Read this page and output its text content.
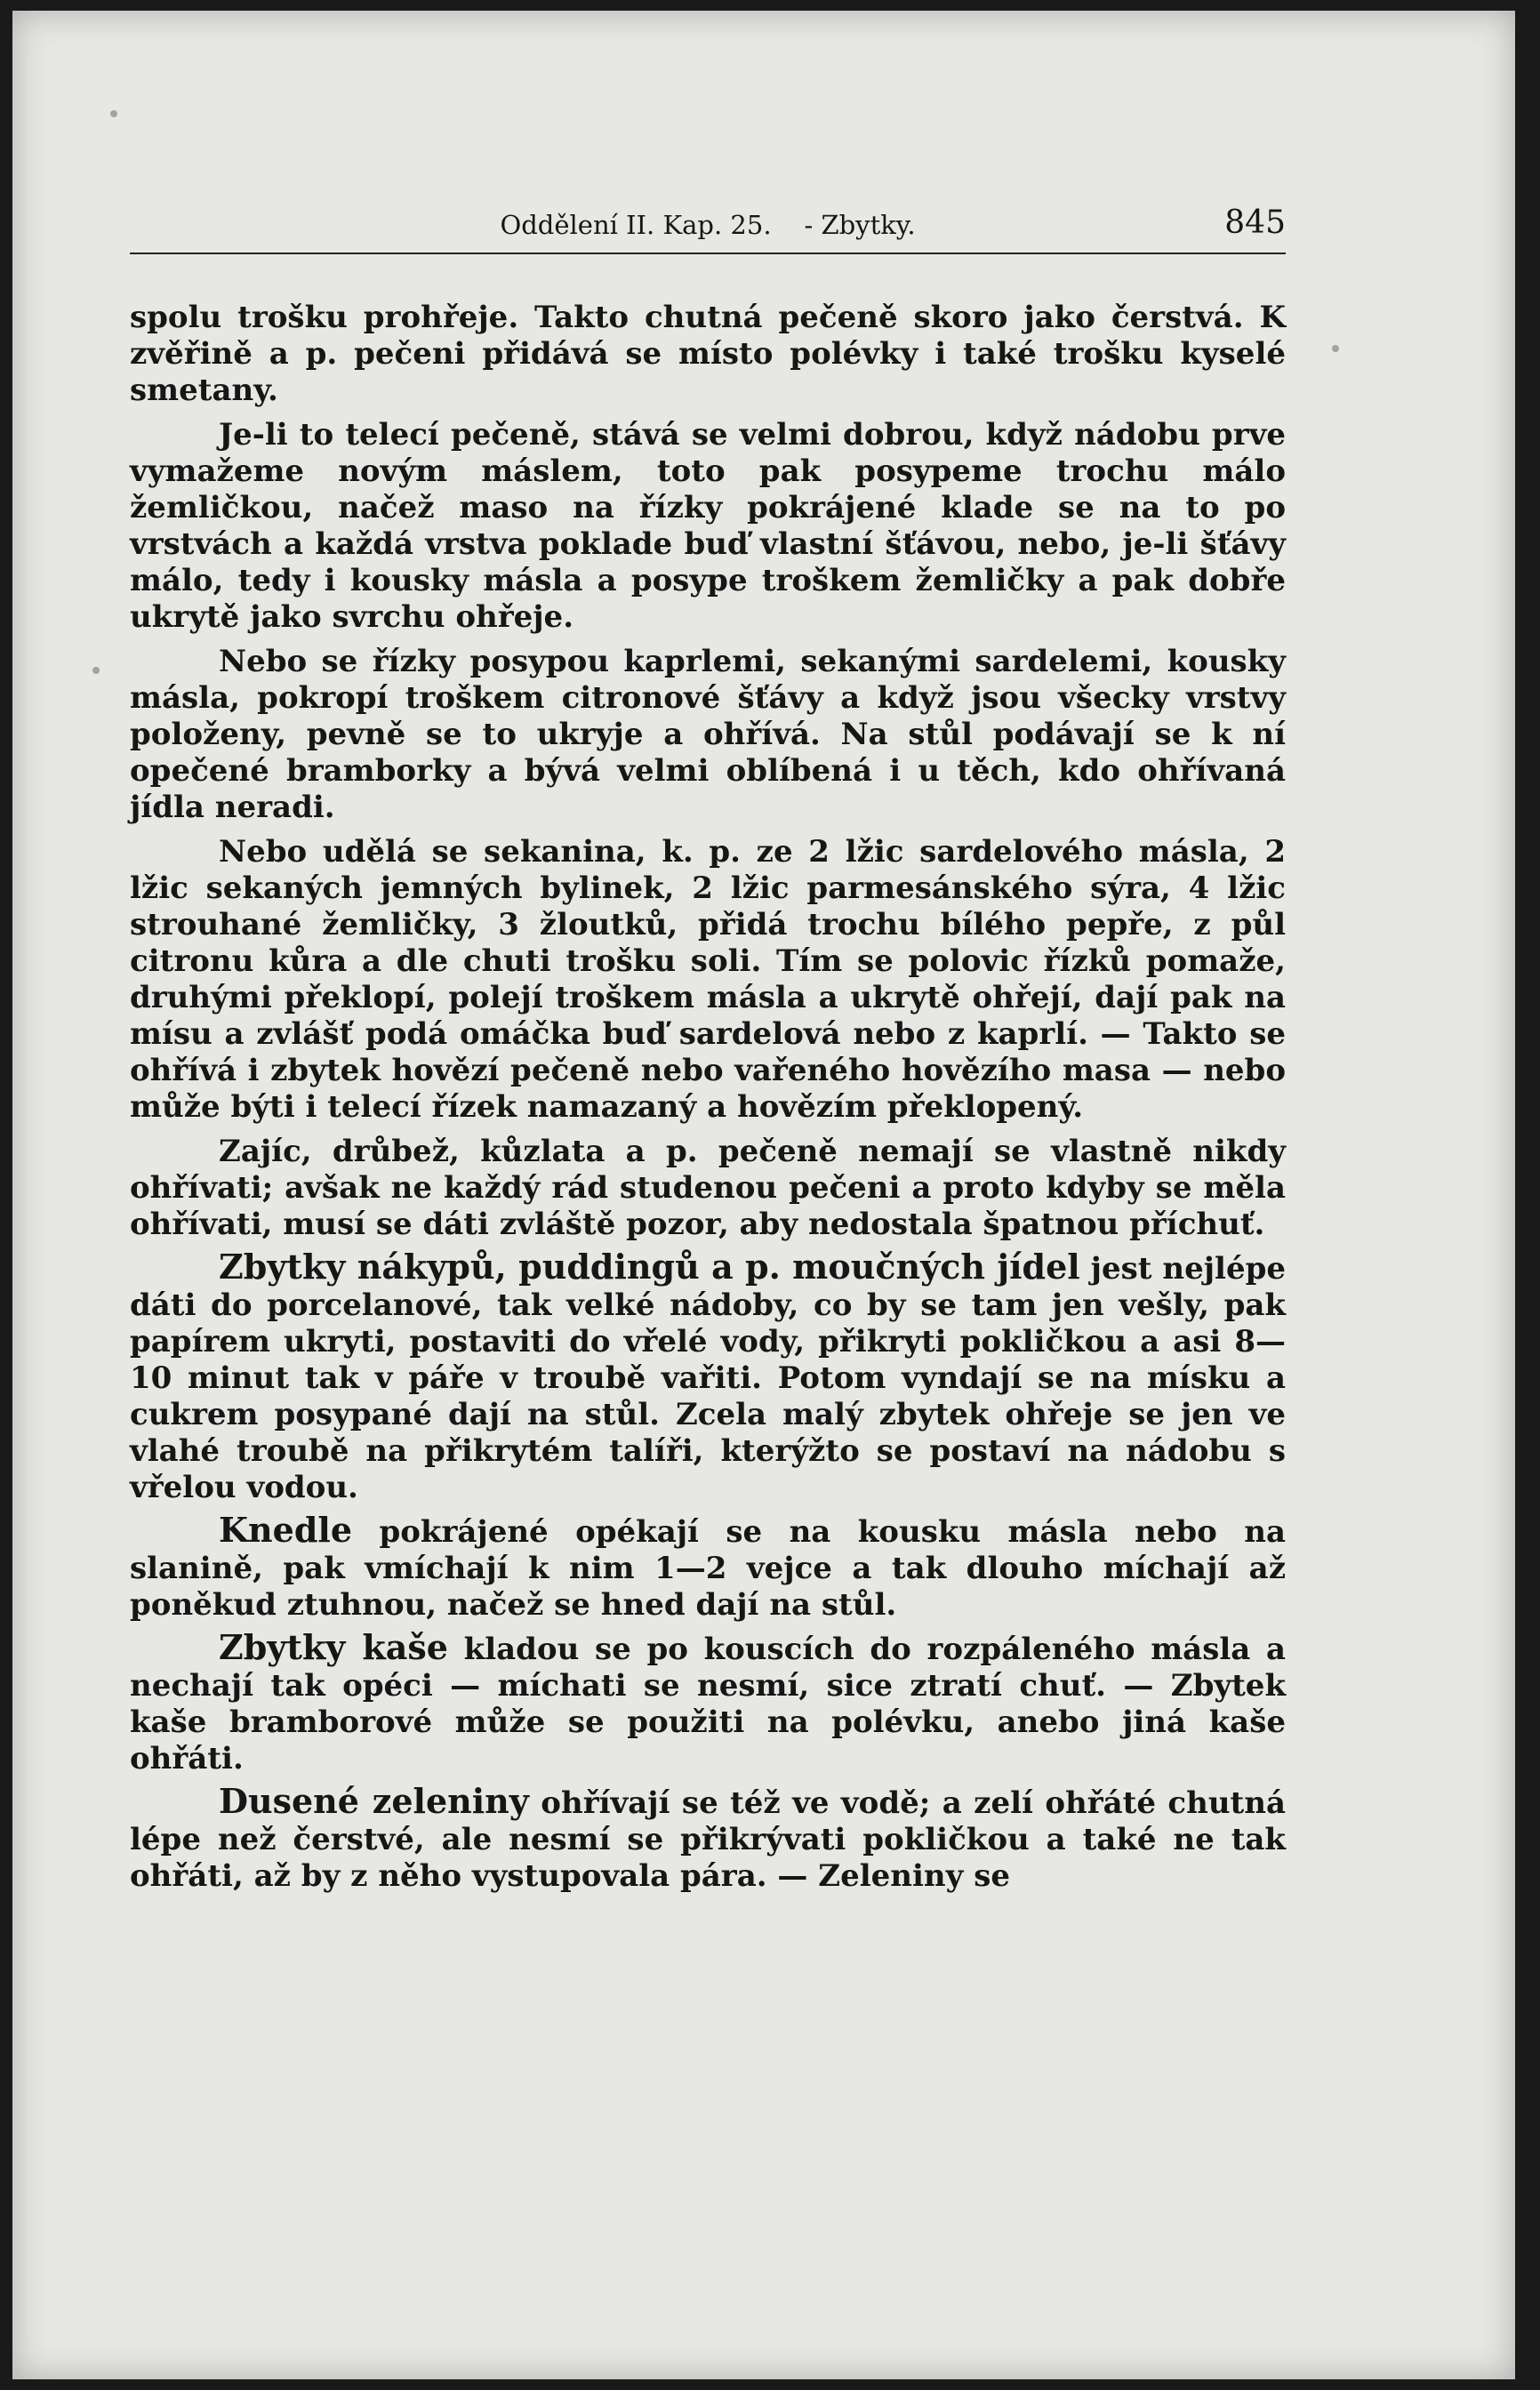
Oddělení II. Kap. 25. - Zbytky.	845

spolu trošku prohřeje. Takto chutná pečeně skoro jako čerstvá. K zvěřině a p. pečeni přidává se místo polévky i také trošku kyselé smetany.

Je-li to telecí pečeně, stává se velmi dobrou, když nádobu prve vymažeme novým máslem, toto pak posypeme trochu málo žemličkou, načež maso na řízky pokrájené klade se na to po vrstvách a každá vrstva poklade buď vlastní šťávou, nebo, je-li šťávy málo, tedy i kousky másla a posype troškem žemličky a pak dobře ukrytě jako svrchu ohřeje.

Nebo se řízky posypou kaprlemi, sekanými sardelemi, kousky másla, pokropí troškem citronové šťávy a když jsou všecky vrstvy položeny, pevně se to ukryje a ohřívá. Na stůl podávají se k ní opečené bramborky a bývá velmi oblíbená i u těch, kdo ohřívaná jídla neradi.

Nebo udělá se sekanina, k. p. ze 2 lžic sardelového másla, 2 lžic sekaných jemných bylinek, 2 lžic parmesánského sýra, 4 lžic strouhané žemličky, 3 žloutků, přidá trochu bílého pepře, z půl citronu kůra a dle chuti trošku soli. Tím se polovic řízků pomaže, druhými překlopí, polejí troškem másla a ukrytě ohřejí, dají pak na mísu a zvlášť podá omáčka buď sardelová nebo z kaprlí. — Takto se ohřívá i zbytek hovězí pečeně nebo vařeného hovězího masa — nebo může býti i telecí řízek namazaný a hovězím překlopený.

Zajíc, drůbež, kůzlata a p. pečeně nemají se vlastně nikdy ohřívati; avšak ne každý rád studenou pečeni a proto kdyby se měla ohřívati, musí se dáti zvláště pozor, aby nedostala špatnou příchuť.

Zbytky nákypů, puddingů a p. moučných jídel jest nejlépe dáti do porcelanové, tak velké nádoby, co by se tam jen vešly, pak papírem ukryti, postaviti do vřelé vody, přikryti pokličkou a asi 8—10 minut tak v páře v troubě vařiti. Potom vyndají se na mísku a cukrem posypané dají na stůl. Zcela malý zbytek ohřeje se jen ve vlahé troubě na přikrytém talíři, kterýžto se postaví na nádobu s vřelou vodou.

Knedle pokrájené opékají se na kousku másla nebo na slanině, pak vmíchají k nim 1—2 vejce a tak dlouho míchají až poněkud ztuhnou, načež se hned dají na stůl.

Zbytky kaše kladou se po kouscích do rozpáleného másla a nechají tak opéci — míchati se nesmí, sice ztratí chuť. — Zbytek kaše bramborové může se použiti na polévku, anebo jiná kaše ohřáti.

Dusené zeleniny ohřívají se též ve vodě; a zelí ohřáté chutná lépe než čerstvé, ale nesmí se přikrývati pokličkou a také ne tak ohřáti, až by z něho vystupovala pára. — Zeleniny se
